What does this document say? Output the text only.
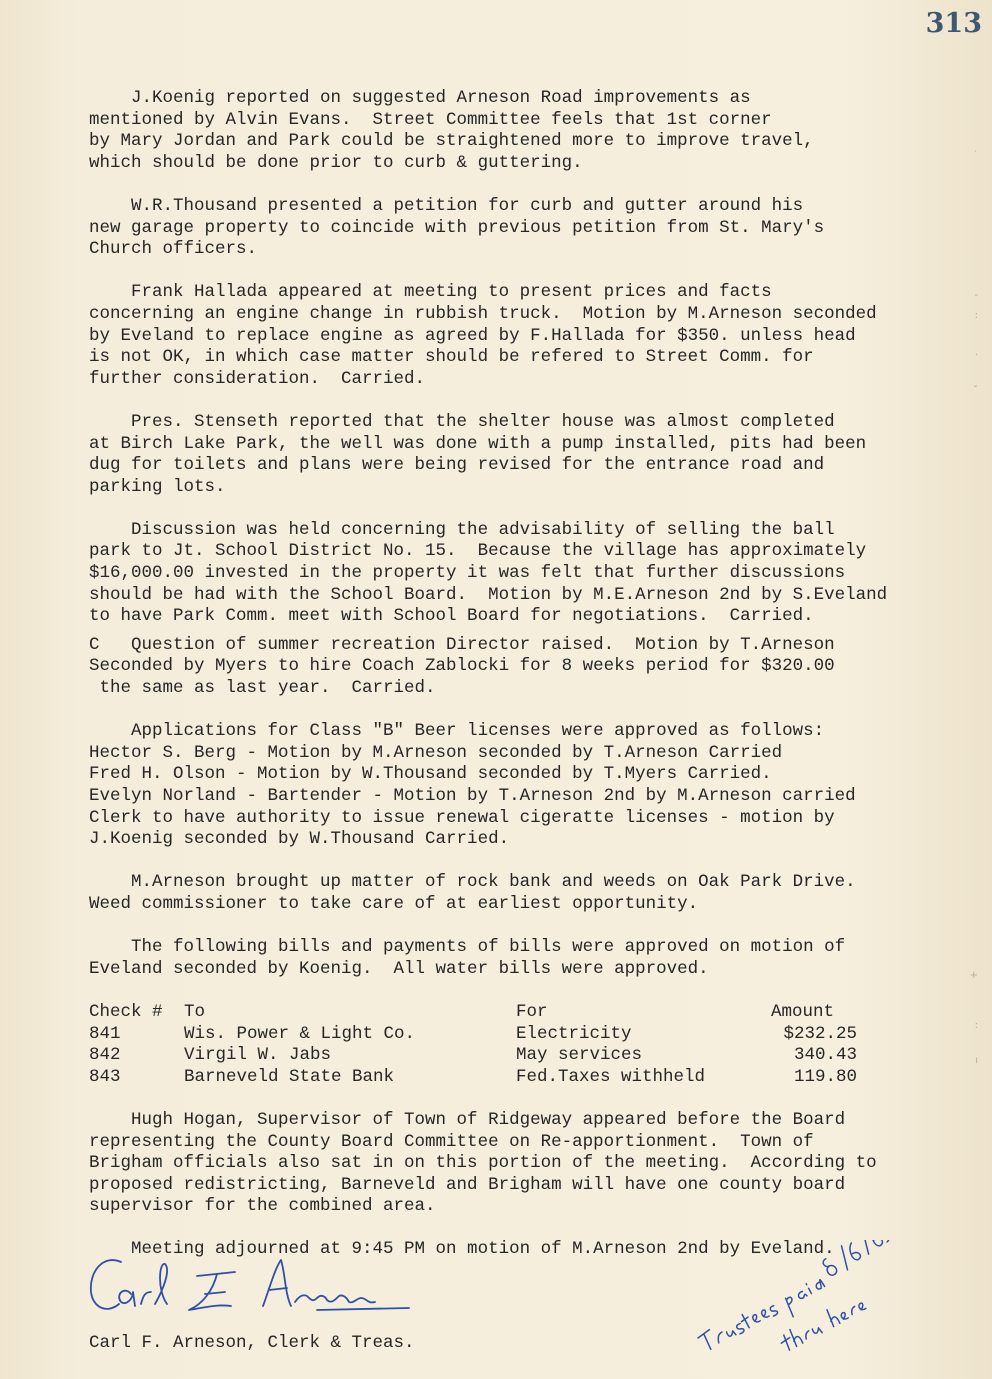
313
˙
-
:
·
ˇ
+
:
ı
J.Koenig reported on suggested Arneson Road improvements as
mentioned by Alvin Evans.  Street Committee feels that 1st corner
by Mary Jordan and Park could be straightened more to improve travel,
which should be done prior to curb & guttering.
W.R.Thousand presented a petition for curb and gutter around his
new garage property to coincide with previous petition from St. Mary's
Church officers.
Frank Hallada appeared at meeting to present prices and facts
concerning an engine change in rubbish truck.  Motion by M.Arneson seconded
by Eveland to replace engine as agreed by F.Hallada for $350. unless head
is not OK, in which case matter should be refered to Street Comm. for
further consideration.  Carried.
Pres. Stenseth reported that the shelter house was almost completed
at Birch Lake Park, the well was done with a pump installed, pits had been
dug for toilets and plans were being revised for the entrance road and
parking lots.
Discussion was held concerning the advisability of selling the ball
park to Jt. School District No. 15.  Because the village has approximately
$16,000.00 invested in the property it was felt that further discussions
should be had with the School Board.  Motion by M.E.Arneson 2nd by S.Eveland
to have Park Comm. meet with School Board for negotiations.  Carried.
C   Question of summer recreation Director raised.  Motion by T.Arneson
Seconded by Myers to hire Coach Zablocki for 8 weeks period for $320.00
the same as last year.  Carried.
Applications for Class "B" Beer licenses were approved as follows:
Hector S. Berg - Motion by M.Arneson seconded by T.Arneson Carried
Fred H. Olson - Motion by W.Thousand seconded by T.Myers Carried.
Evelyn Norland - Bartender - Motion by T.Arneson 2nd by M.Arneson carried
Clerk to have authority to issue renewal cigeratte licenses - motion by
J.Koenig seconded by W.Thousand Carried.
M.Arneson brought up matter of rock bank and weeds on Oak Park Drive.
Weed commissioner to take care of at earliest opportunity.
The following bills and payments of bills were approved on motion of
Eveland seconded by Koenig.  All water bills were approved.
Check # To	For	Amount
841	Wis. Power & Light Co.	Electricity	$232.25
842	Virgil W. Jabs	May services	340.43
843	Barneveld State Bank	Fed.Taxes withheld	119.80
Hugh Hogan, Supervisor of Town of Ridgeway appeared before the Board
representing the County Board Committee on Re-apportionment.  Town of
Brigham officials also sat in on this portion of the meeting.  According to
proposed redistricting, Barneveld and Brigham will have one county board
supervisor for the combined area.
Meeting adjourned at 9:45 PM on motion of M.Arneson 2nd by Eveland.
Carl F. Arneson, Clerk & Treas.
